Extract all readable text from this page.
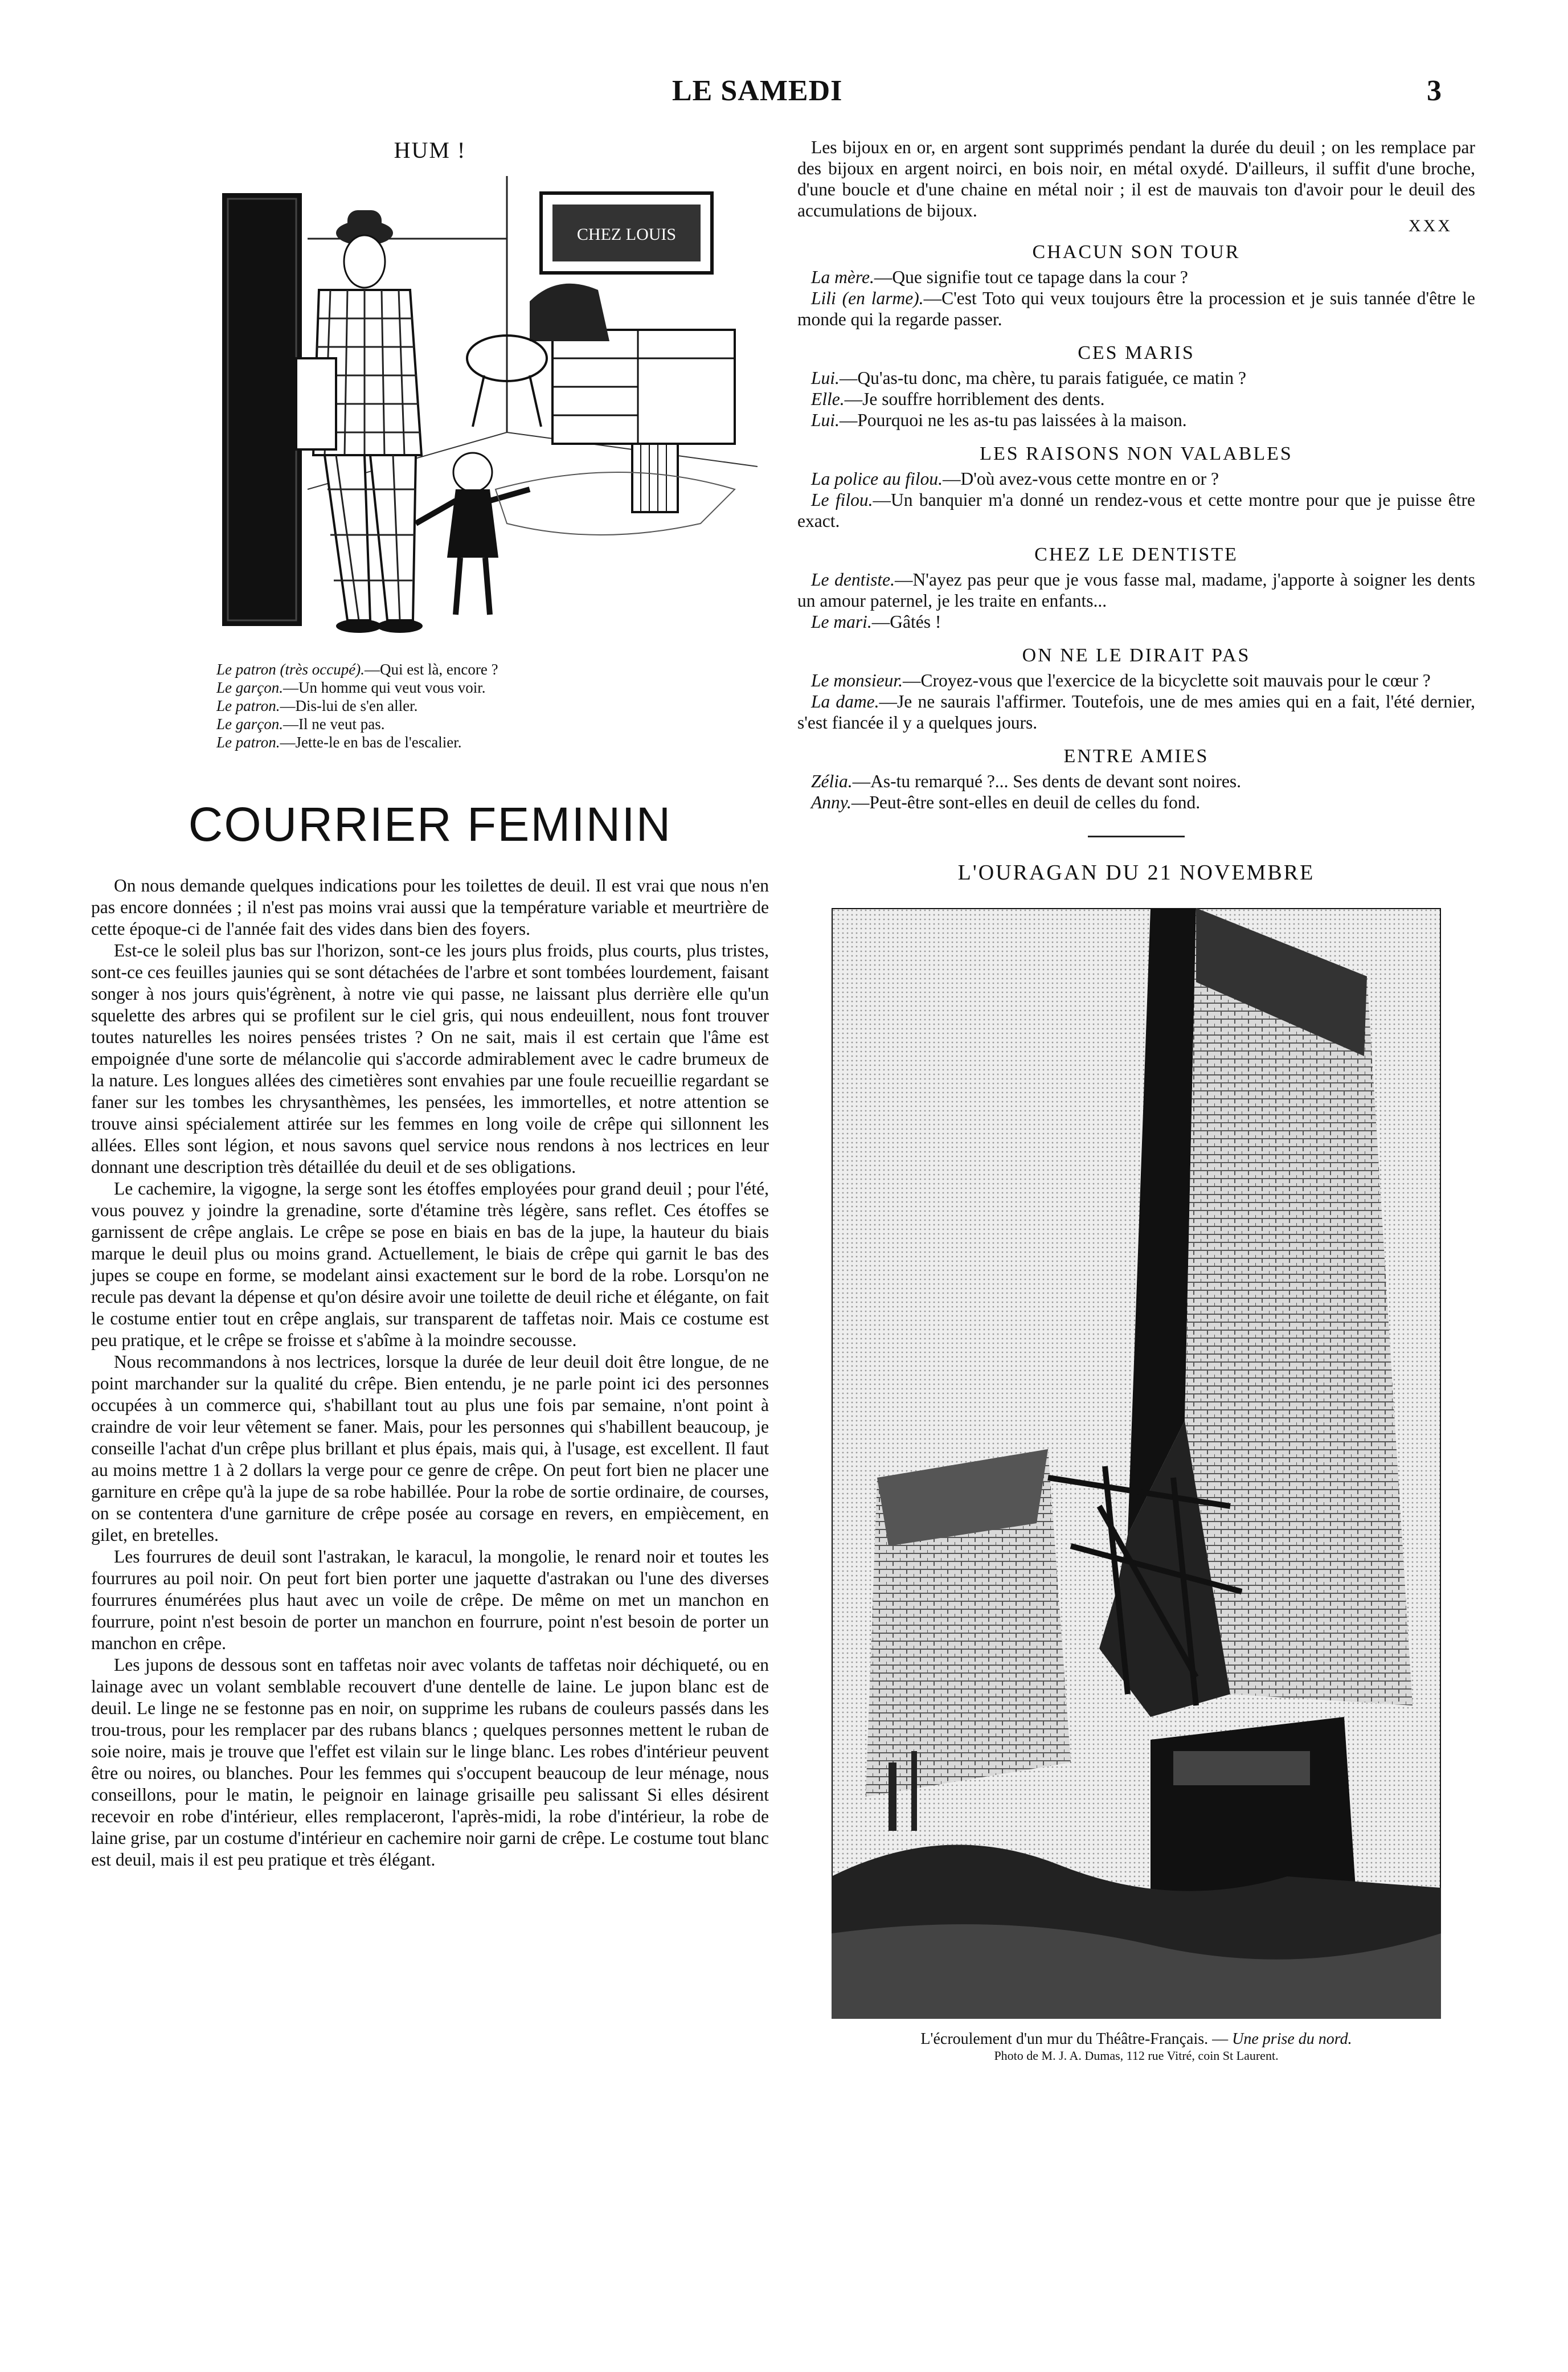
LE SAMEDI	3
HUM !
CHEZ LOUIS

Le patron (très occupé).—Qui est là, encore ?

Le garçon.—Un homme qui veut vous voir.

Le patron.—Dis-lui de s'en aller.

Le garçon.—Il ne veut pas.

Le patron.—Jette-le en bas de l'escalier.

COURRIER FEMININ

On nous demande quelques indications pour les toilettes de deuil. Il est vrai que nous n'en pas encore données ; il n'est pas moins vrai aussi que la température variable et meurtrière de cette époque-ci de l'année fait des vides dans bien des foyers.

Est-ce le soleil plus bas sur l'horizon, sont-ce les jours plus froids, plus courts, plus tristes, sont-ce ces feuilles jaunies qui se sont détachées de l'arbre et sont tombées lourdement, faisant songer à nos jours quis'égrènent, à notre vie qui passe, ne laissant plus derrière elle qu'un squelette des arbres qui se profilent sur le ciel gris, qui nous endeuillent, nous font trouver toutes naturelles les noires pensées tristes ? On ne sait, mais il est certain que l'âme est empoignée d'une sorte de mélancolie qui s'accorde admirablement avec le cadre brumeux de la nature. Les longues allées des cimetières sont envahies par une foule recueillie regardant se faner sur les tombes les chrysanthèmes, les pensées, les immortelles, et notre attention se trouve ainsi spécialement attirée sur les femmes en long voile de crêpe qui sillonnent les allées. Elles sont légion, et nous savons quel service nous rendons à nos lectrices en leur donnant une description très détaillée du deuil et de ses obligations.

Le cachemire, la vigogne, la serge sont les étoffes employées pour grand deuil ; pour l'été, vous pouvez y joindre la grenadine, sorte d'étamine très légère, sans reflet. Ces étoffes se garnissent de crêpe anglais. Le crêpe se pose en biais en bas de la jupe, la hauteur du biais marque le deuil plus ou moins grand. Actuellement, le biais de crêpe qui garnit le bas des jupes se coupe en forme, se modelant ainsi exactement sur le bord de la robe. Lorsqu'on ne recule pas devant la dépense et qu'on désire avoir une toilette de deuil riche et élégante, on fait le costume entier tout en crêpe anglais, sur transparent de taffetas noir. Mais ce costume est peu pratique, et le crêpe se froisse et s'abîme à la moindre secousse.

Nous recommandons à nos lectrices, lorsque la durée de leur deuil doit être longue, de ne point marchander sur la qualité du crêpe. Bien entendu, je ne parle point ici des personnes occupées à un commerce qui, s'habillant tout au plus une fois par semaine, n'ont point à craindre de voir leur vêtement se faner. Mais, pour les personnes qui s'habillent beaucoup, je conseille l'achat d'un crêpe plus brillant et plus épais, mais qui, à l'usage, est excellent. Il faut au moins mettre 1 à 2 dollars la verge pour ce genre de crêpe. On peut fort bien ne placer une garniture en crêpe qu'à la jupe de sa robe habillée. Pour la robe de sortie ordinaire, de courses, on se contentera d'une garniture de crêpe posée au corsage en revers, en empiècement, en gilet, en bretelles.

Les fourrures de deuil sont l'astrakan, le karacul, la mongolie, le renard noir et toutes les fourrures au poil noir. On peut fort bien porter une jaquette d'astrakan ou l'une des diverses fourrures énumérées plus haut avec un voile de crêpe. De même on met un manchon en fourrure, point n'est besoin de porter un manchon en fourrure, point n'est besoin de porter un manchon en crêpe.

Les jupons de dessous sont en taffetas noir avec volants de taffetas noir déchiqueté, ou en lainage avec un volant semblable recouvert d'une dentelle de laine. Le jupon blanc est de deuil. Le linge ne se festonne pas en noir, on supprime les rubans de couleurs passés dans les trou-trous, pour les remplacer par des rubans blancs ; quelques personnes mettent le ruban de soie noire, mais je trouve que l'effet est vilain sur le linge blanc. Les robes d'intérieur peuvent être ou noires, ou blanches. Pour les femmes qui s'occupent beaucoup de leur ménage, nous conseillons, pour le matin, le peignoir en lainage grisaille peu salissant Si elles désirent recevoir en robe d'intérieur, elles remplaceront, l'après-midi, la robe d'intérieur, la robe de laine grise, par un costume d'intérieur en cachemire noir garni de crêpe. Le costume tout blanc est deuil, mais il est peu pratique et très élégant.

Les bijoux en or, en argent sont supprimés pendant la durée du deuil ; on les remplace par des bijoux en argent noirci, en bois noir, en métal oxydé. D'ailleurs, il suffit d'une broche, d'une boucle et d'une chaine en métal noir ; il est de mauvais ton d'avoir pour le deuil des accumulations de bijoux.

XXX
CHACUN SON TOUR

La mère.—Que signifie tout ce tapage dans la cour ?

Lili (en larme).—C'est Toto qui veux toujours être la procession et je suis tannée d'être le monde qui la regarde passer.

CES MARIS

Lui.—Qu'as-tu donc, ma chère, tu parais fatiguée, ce matin ?

Elle.—Je souffre horriblement des dents.

Lui.—Pourquoi ne les as-tu pas laissées à la maison.

LES RAISONS NON VALABLES

La police au filou.—D'où avez-vous cette montre en or ?

Le filou.—Un banquier m'a donné un rendez-vous et cette montre pour que je puisse être exact.

CHEZ LE DENTISTE

Le dentiste.—N'ayez pas peur que je vous fasse mal, madame, j'apporte à soigner les dents un amour paternel, je les traite en enfants...

Le mari.—Gâtés !

ON NE LE DIRAIT PAS

Le monsieur.—Croyez-vous que l'exercice de la bicyclette soit mauvais pour le cœur ?

La dame.—Je ne saurais l'affirmer. Toutefois, une de mes amies qui en a fait, l'été dernier, s'est fiancée il y a quelques jours.

ENTRE AMIES

Zélia.—As-tu remarqué ?... Ses dents de devant sont noires.

Anny.—Peut-être sont-elles en deuil de celles du fond.

L'OURAGAN DU 21 NOVEMBRE

L'écroulement d'un mur du Théâtre-Français. — Une prise du nord.

Photo de M. J. A. Dumas, 112 rue Vitré, coin St Laurent.
